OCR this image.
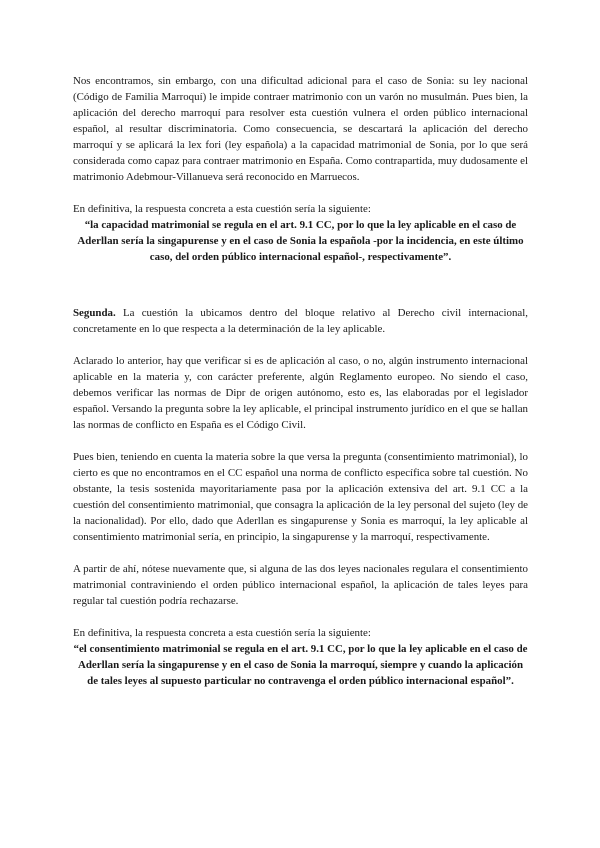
Nos encontramos, sin embargo, con una dificultad adicional para el caso de Sonia: su ley nacional (Código de Familia Marroquí) le impide contraer matrimonio con un varón no musulmán. Pues bien, la aplicación del derecho marroquí para resolver esta cuestión vulnera el orden público internacional español, al resultar discriminatoria. Como consecuencia, se descartará la aplicación del derecho marroquí y se aplicará la lex fori (ley española) a la capacidad matrimonial de Sonia, por lo que será considerada como capaz para contraer matrimonio en España. Como contrapartida, muy dudosamente el matrimonio Adebmour-Villanueva será reconocido en Marruecos.

En definitiva, la respuesta concreta a esta cuestión sería la siguiente:

“la capacidad matrimonial se regula en el art. 9.1 CC, por lo que la ley aplicable en el caso de Aderllan sería la singapurense y en el caso de Sonia la española -por la incidencia, en este último caso, del orden público internacional español-, respectivamente”.

Segunda. La cuestión la ubicamos dentro del bloque relativo al Derecho civil internacional, concretamente en lo que respecta a la determinación de la ley aplicable.

Aclarado lo anterior, hay que verificar si es de aplicación al caso, o no, algún instrumento internacional aplicable en la materia y, con carácter preferente, algún Reglamento europeo. No siendo el caso, debemos verificar las normas de Dipr de origen autónomo, esto es, las elaboradas por el legislador español. Versando la pregunta sobre la ley aplicable, el principal instrumento jurídico en el que se hallan las normas de conflicto en España es el Código Civil.

Pues bien, teniendo en cuenta la materia sobre la que versa la pregunta (consentimiento matrimonial), lo cierto es que no encontramos en el CC español una norma de conflicto específica sobre tal cuestión. No obstante, la tesis sostenida mayoritariamente pasa por la aplicación extensiva del art. 9.1 CC a la cuestión del consentimiento matrimonial, que consagra la aplicación de la ley personal del sujeto (ley de la nacionalidad). Por ello, dado que Aderllan es singapurense y Sonia es marroquí, la ley aplicable al consentimiento matrimonial sería, en principio, la singapurense y la marroquí, respectivamente.

A partir de ahí, nótese nuevamente que, si alguna de las dos leyes nacionales regulara el consentimiento matrimonial contraviniendo el orden público internacional español, la aplicación de tales leyes para regular tal cuestión podría rechazarse.

En definitiva, la respuesta concreta a esta cuestión sería la siguiente:

“el consentimiento matrimonial se regula en el art. 9.1 CC, por lo que la ley aplicable en el caso de Aderllan sería la singapurense y en el caso de Sonia la marroquí, siempre y cuando la aplicación de tales leyes al supuesto particular no contravenga el orden público internacional español”.
